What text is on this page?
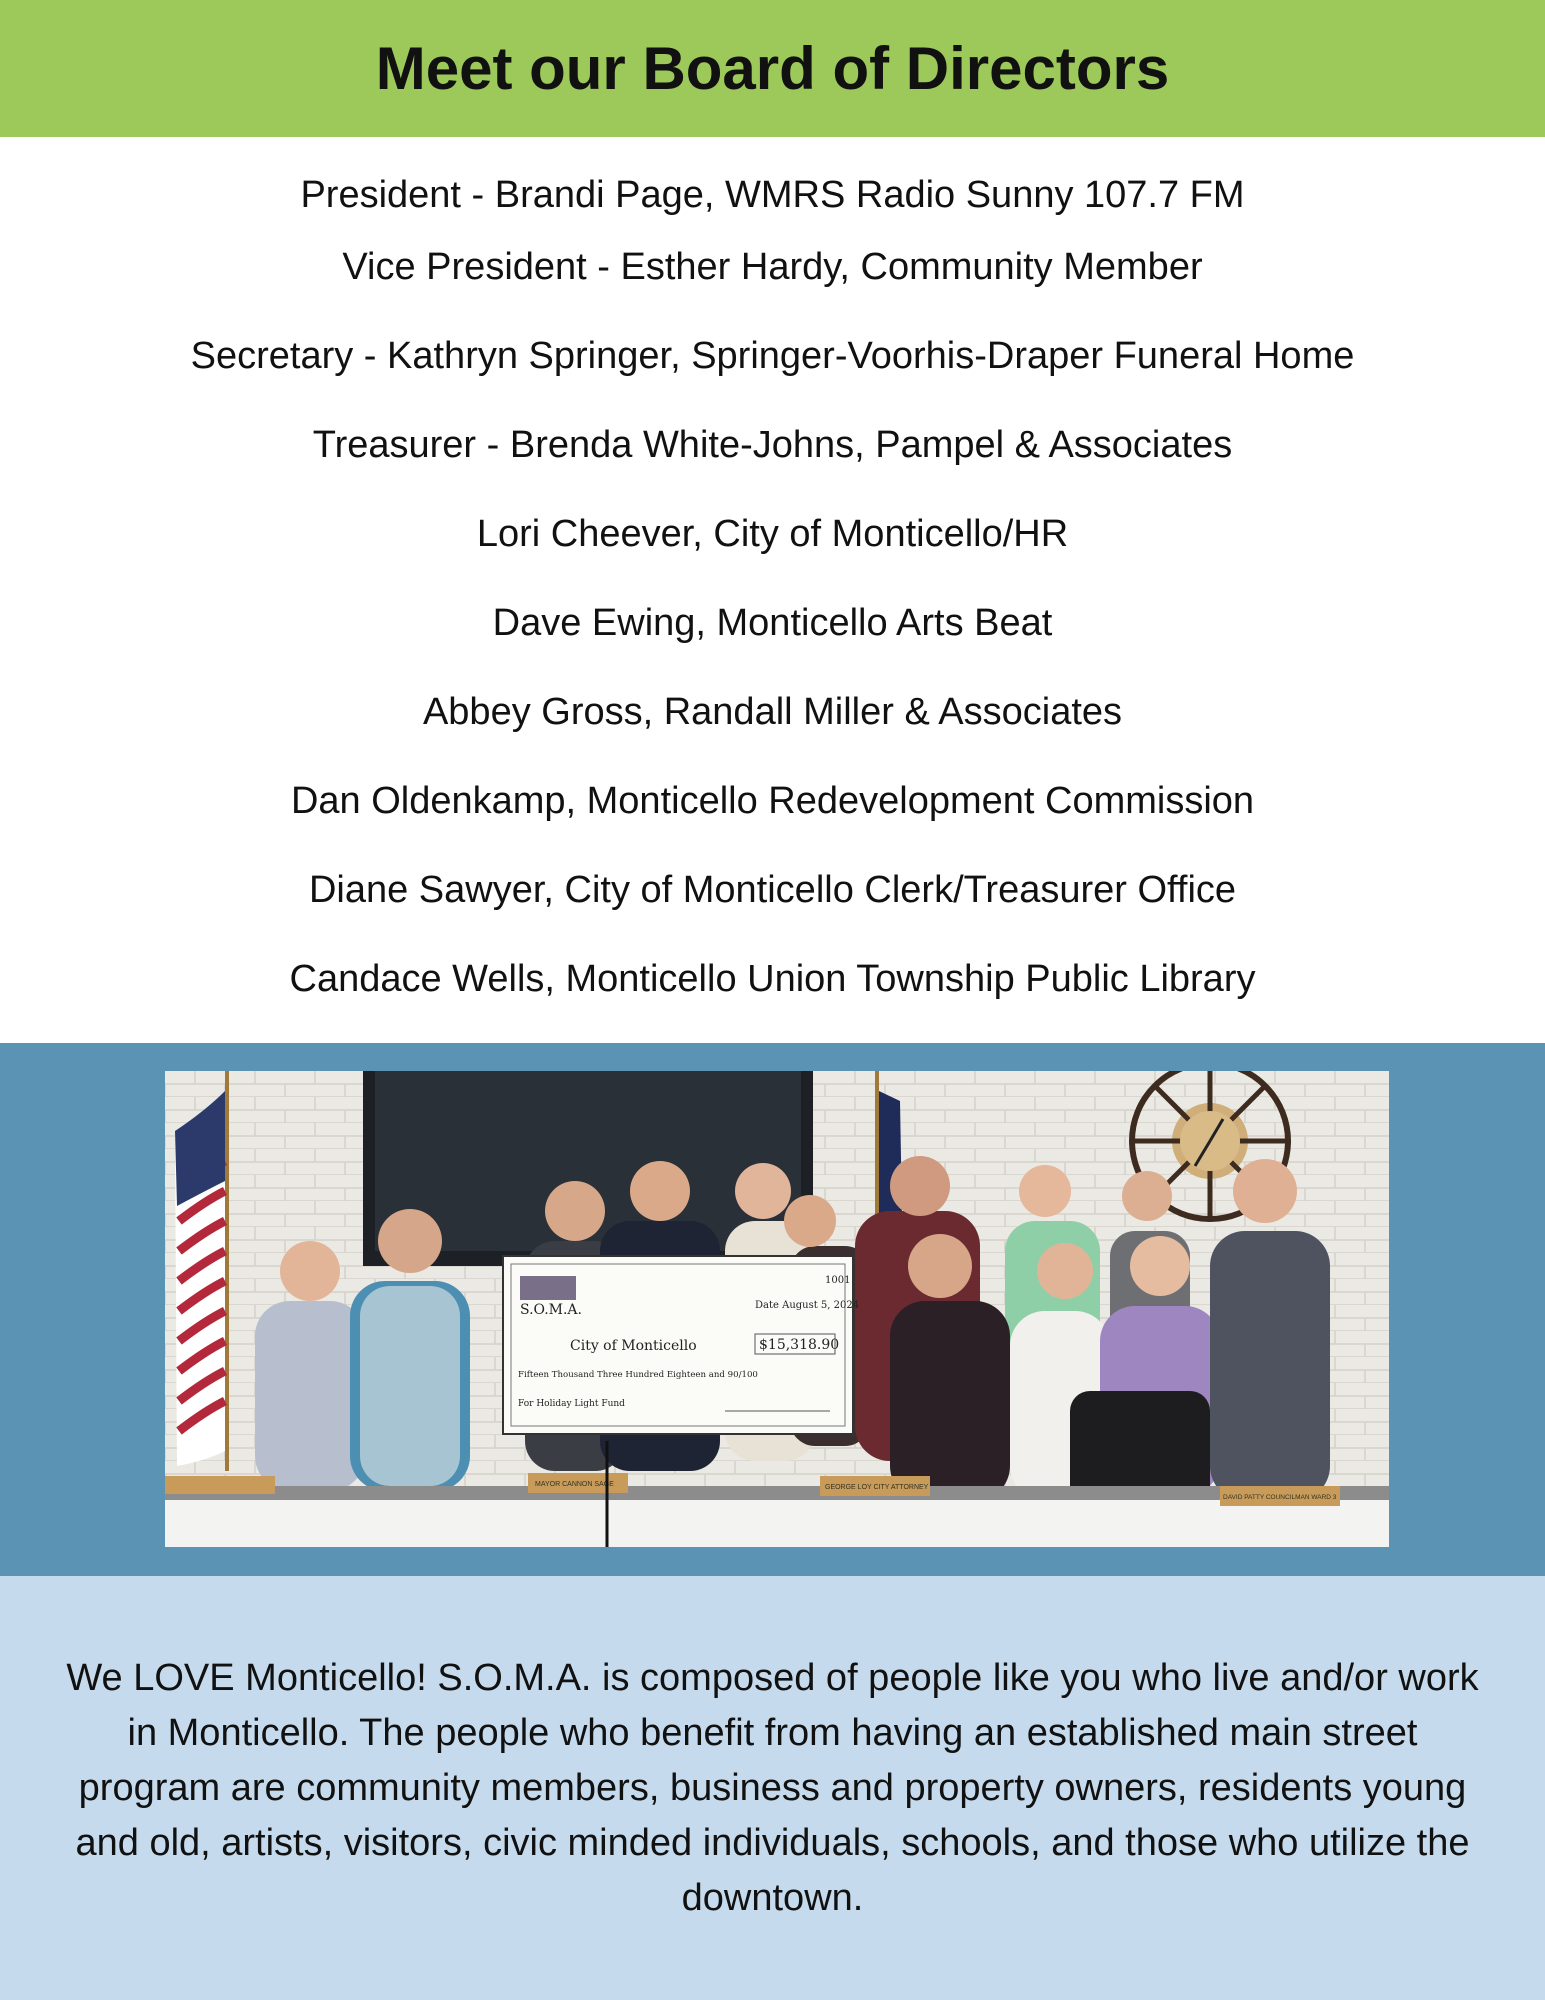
Meet our Board of Directors
President - Brandi Page, WMRS Radio Sunny 107.7 FM
Vice President - Esther Hardy, Community Member
Secretary - Kathryn Springer, Springer-Voorhis-Draper Funeral Home
Treasurer - Brenda White-Johns, Pampel & Associates
Lori Cheever, City of Monticello/HR
Dave Ewing, Monticello Arts Beat
Abbey Gross, Randall Miller & Associates
Dan Oldenkamp, Monticello Redevelopment Commission
Diane Sawyer, City of Monticello Clerk/Treasurer Office
Candace Wells, Monticello Union Township Public Library
S.O.M.A.
1001
Date August 5, 2024
City of Monticello	$15,318.90
Fifteen Thousand Three Hundred Eighteen and 90/100
For Holiday Light Fund
MAYOR CANNON SAGE	GEORGE LOY CITY ATTORNEY
DAVID PATTY COUNCILMAN WARD 3

We LOVE Monticello! S.O.M.A. is composed of people like you who live and/or work in Monticello. The people who benefit from having an established main street program are community members, business and property owners, residents young and old, artists, visitors, civic minded individuals, schools, and those who utilize the downtown.
